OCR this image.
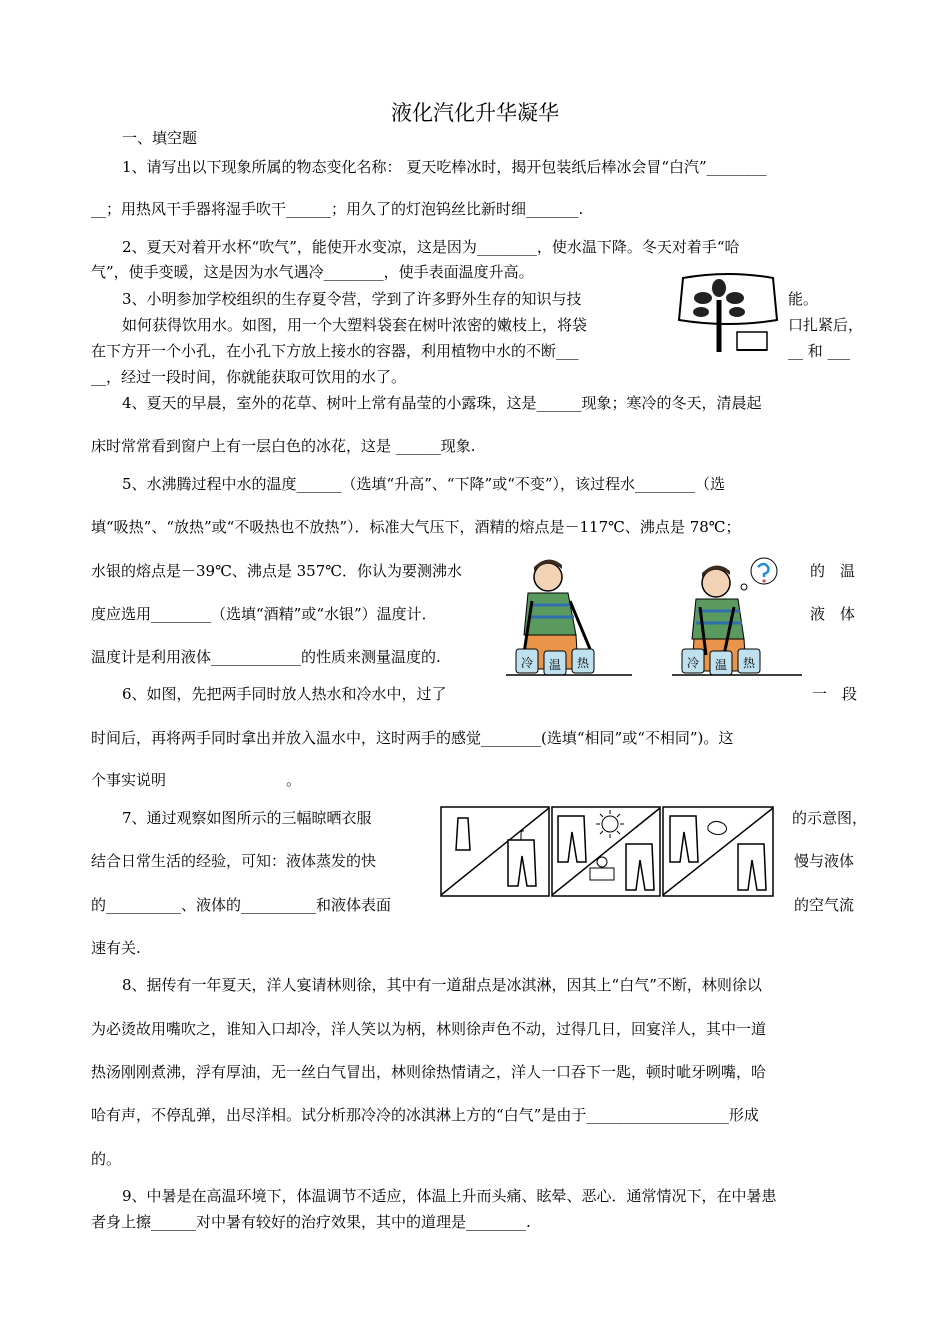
液化汽化升华凝华
一、填空题
1、请写出以下现象所属的物态变化名称： 夏天吃棒冰时，揭开包装纸后棒冰会冒“白汽”________
__；用热风干手器将湿手吹干______；用久了的灯泡钨丝比新时细_______.
2、夏天对着开水杯“吹气”，能使开水变凉，这是因为________，使水温下降。冬天对着手“哈
气”，使手变暖，这是因为水气遇冷________，使手表面温度升高。
3、小明参加学校组织的生存夏令营，学到了许多野外生存的知识与技	能。
如何获得饮用水。如图，用一个大塑料袋套在树叶浓密的嫩枝上，将袋	口扎紧后，
在下方开一个小孔，在小孔下方放上接水的容器，利用植物中水的不断___	__ 和 ___
__，经过一段时间，你就能获取可饮用的水了。
4、夏天的早晨，室外的花草、树叶上常有晶莹的小露珠，这是______现象；寒冷的冬天，清晨起
床时常常看到窗户上有一层白色的冰花，这是 ______现象.
5、水沸腾过程中水的温度______（选填“升高”、“下降”或“不变”），该过程水________（选
填“吸热”、“放热”或“不吸热也不放热”）．标准大气压下，酒精的熔点是－117℃、沸点是 78℃；
水银的熔点是－39℃、沸点是 357℃．你认为要测沸水	的　温
度应选用________（选填“酒精”或“水银”）温度计．	液　体
温度计是利用液体____________的性质来测量温度的.	冷 温 热	冷 温 热
6、如图，先把两手同时放人热水和冷水中，过了	一　段
时间后，再将两手同时拿出并放入温水中，这时两手的感觉________(选填“相同”或“不相同”)。这
个事实说明　　　　　　　　。
7、通过观察如图所示的三幅晾晒衣服	的示意图，
结合日常生活的经验，可知：液体蒸发的快	慢与液体
的__________、液体的__________和液体表面	的空气流
速有关.
8、据传有一年夏天，洋人宴请林则徐，其中有一道甜点是冰淇淋，因其上“白气”不断，林则徐以
为必烫故用嘴吹之，谁知入口却冷，洋人笑以为柄，林则徐声色不动，过得几日，回宴洋人，其中一道
热汤刚刚煮沸，浮有厚油，无一丝白气冒出，林则徐热情请之，洋人一口吞下一匙，顿时呲牙咧嘴，哈
哈有声，不停乱弹，出尽洋相。试分析那冷冷的冰淇淋上方的“白气”是由于___________________形成
的。
9、中暑是在高温环境下，体温调节不适应，体温上升而头痛、眩晕、恶心．通常情况下，在中暑患
者身上擦______对中暑有较好的治疗效果，其中的道理是________.
